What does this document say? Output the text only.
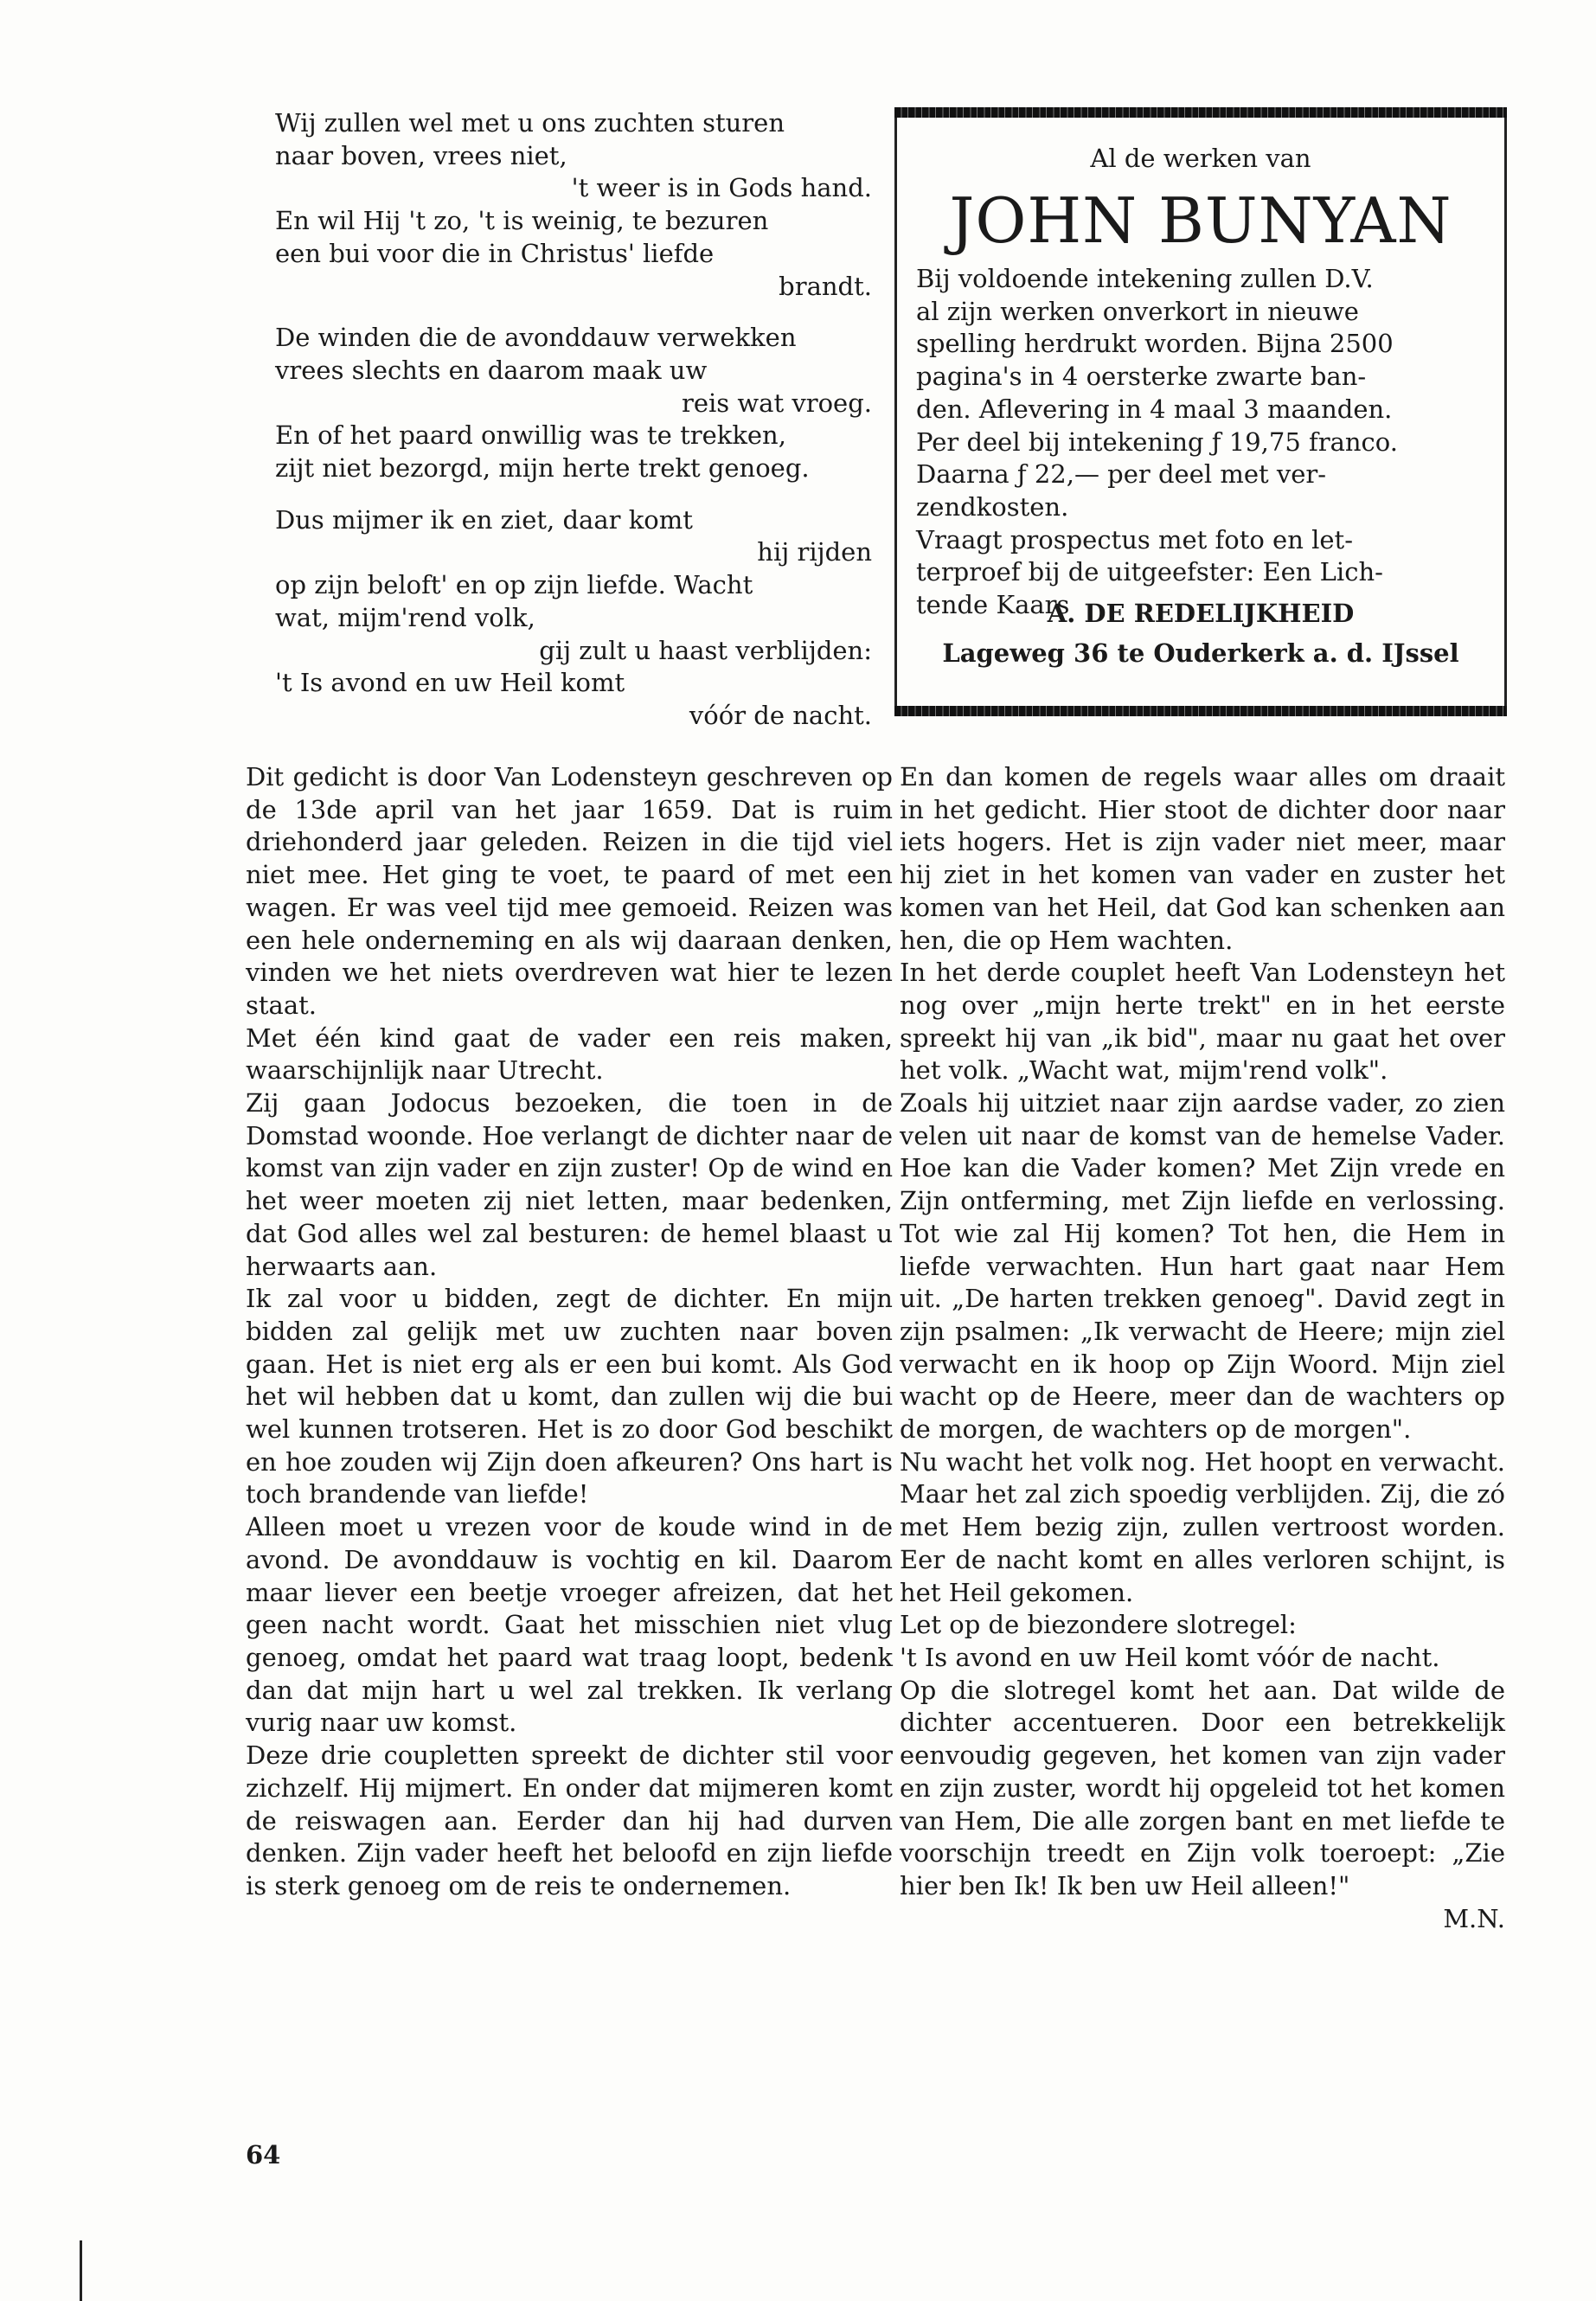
Wij zullen wel met u ons zuchten sturen
naar boven, vrees niet,
't weer is in Gods hand.
En wil Hij 't zo, 't is weinig, te bezuren
een bui voor die in Christus' liefde
brandt.
De winden die de avonddauw verwekken
vrees slechts en daarom maak uw
reis wat vroeg.
En of het paard onwillig was te trekken,
zijt niet bezorgd, mijn herte trekt genoeg.
Dus mijmer ik en ziet, daar komt
hij rijden
op zijn beloft' en op zijn liefde. Wacht
wat, mijm'rend volk,
gij zult u haast verblijden:
't Is avond en uw Heil komt
vóór de nacht.
Al de werken van
JOHN BUNYAN
Bij voldoende intekening zullen D.V.
al zijn werken onverkort in nieuwe
spelling herdrukt worden. Bijna 2500
pagina's in 4 oersterke zwarte ban-
den. Aflevering in 4 maal 3 maanden.
Per deel bij intekening ƒ 19,75 franco.
Daarna ƒ 22,— per deel met ver-
zendkosten.
Vraagt prospectus met foto en let-
terproef bij de uitgeefster: Een Lich-
tende Kaars
A. DE REDELIJKHEID
Lageweg 36 te Ouderkerk a. d. IJssel

Dit gedicht is door Van Lodensteyn geschreven op de 13de april van het jaar 1659. Dat is ruim driehonderd jaar geleden. Reizen in die tijd viel niet mee. Het ging te voet, te paard of met een wagen. Er was veel tijd mee gemoeid. Reizen was een hele onderneming en als wij daaraan denken, vinden we het niets overdreven wat hier te lezen staat.

Met één kind gaat de vader een reis maken, waarschijnlijk naar Utrecht.

Zij gaan Jodocus bezoeken, die toen in de Domstad woonde. Hoe verlangt de dichter naar de komst van zijn vader en zijn zuster! Op de wind en het weer moeten zij niet letten, maar bedenken, dat God alles wel zal besturen: de hemel blaast u herwaarts aan.

Ik zal voor u bidden, zegt de dichter. En mijn bidden zal gelijk met uw zuchten naar boven gaan. Het is niet erg als er een bui komt. Als God het wil hebben dat u komt, dan zullen wij die bui wel kunnen trotseren. Het is zo door God beschikt en hoe zouden wij Zijn doen afkeuren? Ons hart is toch brandende van liefde!

Alleen moet u vrezen voor de koude wind in de avond. De avonddauw is vochtig en kil. Daarom maar liever een beetje vroeger afreizen, dat het geen nacht wordt. Gaat het misschien niet vlug genoeg, omdat het paard wat traag loopt, bedenk dan dat mijn hart u wel zal trekken. Ik verlang vurig naar uw komst.

Deze drie coupletten spreekt de dichter stil voor zichzelf. Hij mijmert. En onder dat mijmeren komt de reiswagen aan. Eerder dan hij had durven denken. Zijn vader heeft het beloofd en zijn liefde is sterk genoeg om de reis te ondernemen.

En dan komen de regels waar alles om draait in het gedicht. Hier stoot de dichter door naar iets hogers. Het is zijn vader niet meer, maar hij ziet in het komen van vader en zuster het komen van het Heil, dat God kan schenken aan hen, die op Hem wachten.

In het derde couplet heeft Van Lodensteyn het nog over „mijn herte trekt" en in het eerste spreekt hij van „ik bid", maar nu gaat het over het volk. „Wacht wat, mijm'rend volk".

Zoals hij uitziet naar zijn aardse vader, zo zien velen uit naar de komst van de hemelse Vader. Hoe kan die Vader komen? Met Zijn vrede en Zijn ontferming, met Zijn liefde en verlossing. Tot wie zal Hij komen? Tot hen, die Hem in liefde verwachten. Hun hart gaat naar Hem uit. „De harten trekken genoeg". David zegt in zijn psalmen: „Ik verwacht de Heere; mijn ziel verwacht en ik hoop op Zijn Woord. Mijn ziel wacht op de Heere, meer dan de wachters op de morgen, de wachters op de morgen".

Nu wacht het volk nog. Het hoopt en verwacht. Maar het zal zich spoedig verblijden. Zij, die zó met Hem bezig zijn, zullen vertroost worden. Eer de nacht komt en alles verloren schijnt, is het Heil gekomen.

Let op de biezondere slotregel:

't Is avond en uw Heil komt vóór de nacht.

Op die slotregel komt het aan. Dat wilde de dichter accentueren. Door een betrekkelijk eenvoudig gegeven, het komen van zijn vader en zijn zuster, wordt hij opgeleid tot het komen van Hem, Die alle zorgen bant en met liefde te voorschijn treedt en Zijn volk toeroept: „Zie hier ben Ik! Ik ben uw Heil alleen!"

M.N.
64
